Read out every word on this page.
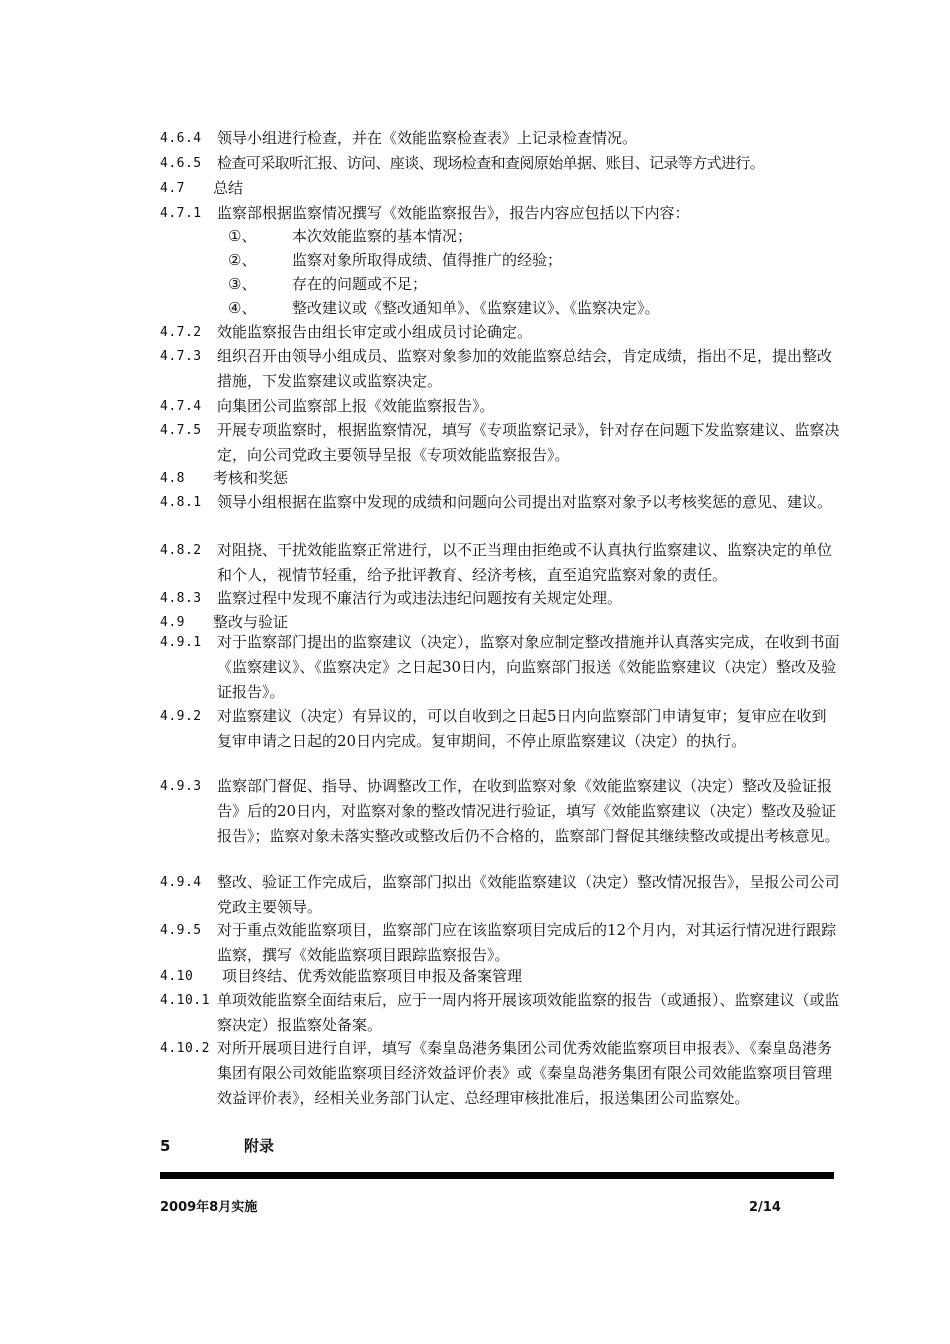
4.6.4 领导小组进行检查，并在《效能监察检查表》上记录检查情况。
4.6.5 检查可采取听汇报、访问、座谈、现场检查和查阅原始单据、账目、记录等方式进行。
4.7 总结
4.7.1 监察部根据监察情况撰写《效能监察报告》，报告内容应包括以下内容：
①、 本次效能监察的基本情况；
②、 监察对象所取得成绩、值得推广的经验；
③、 存在的问题或不足；
④、 整改建议或《整改通知单》、《监察建议》、《监察决定》。
4.7.2 效能监察报告由组长审定或小组成员讨论确定。
4.7.3 组织召开由领导小组成员、监察对象参加的效能监察总结会，肯定成绩，指出不足，提出整改措施，下发监察建议或监察决定。
4.7.4 向集团公司监察部上报《效能监察报告》。
4.7.5 开展专项监察时，根据监察情况，填写《专项监察记录》，针对存在问题下发监察建议、监察决定，向公司党政主要领导呈报《专项效能监察报告》。
4.8 考核和奖惩
4.8.1 领导小组根据在监察中发现的成绩和问题向公司提出对监察对象予以考核奖惩的意见、建议。
4.8.2 对阻挠、干扰效能监察正常进行，以不正当理由拒绝或不认真执行监察建议、监察决定的单位和个人，视情节轻重，给予批评教育、经济考核，直至追究监察对象的责任。
4.8.3 监察过程中发现不廉洁行为或违法违纪问题按有关规定处理。
4.9 整改与验证
4.9.1 对于监察部门提出的监察建议（决定），监察对象应制定整改措施并认真落实完成，在收到书面《监察建议》、《监察决定》之日起30日内，向监察部门报送《效能监察建议（决定）整改及验证报告》。
4.9.2 对监察建议（决定）有异议的，可以自收到之日起5日内向监察部门申请复审；复审应在收到复审申请之日起的20日内完成。复审期间，不停止原监察建议（决定）的执行。
4.9.3 监察部门督促、指导、协调整改工作，在收到监察对象《效能监察建议（决定）整改及验证报告》后的20日内，对监察对象的整改情况进行验证，填写《效能监察建议（决定）整改及验证报告》；监察对象未落实整改或整改后仍不合格的，监察部门督促其继续整改或提出考核意见。
4.9.4 整改、验证工作完成后，监察部门拟出《效能监察建议（决定）整改情况报告》，呈报公司公司党政主要领导。
4.9.5 对于重点效能监察项目，监察部门应在该监察项目完成后的12个月内，对其运行情况进行跟踪监察，撰写《效能监察项目跟踪监察报告》。
4.10 项目终结、优秀效能监察项目申报及备案管理
4.10.1 单项效能监察全面结束后，应于一周内将开展该项效能监察的报告（或通报）、监察建议（或监察决定）报监察处备案。
4.10.2 对所开展项目进行自评，填写《秦皇岛港务集团公司优秀效能监察项目申报表》、《秦皇岛港务集团有限公司效能监察项目经济效益评价表》或《秦皇岛港务集团有限公司效能监察项目管理效益评价表》，经相关业务部门认定、总经理审核批准后，报送集团公司监察处。
5	附录
2009年8月实施	2/14
